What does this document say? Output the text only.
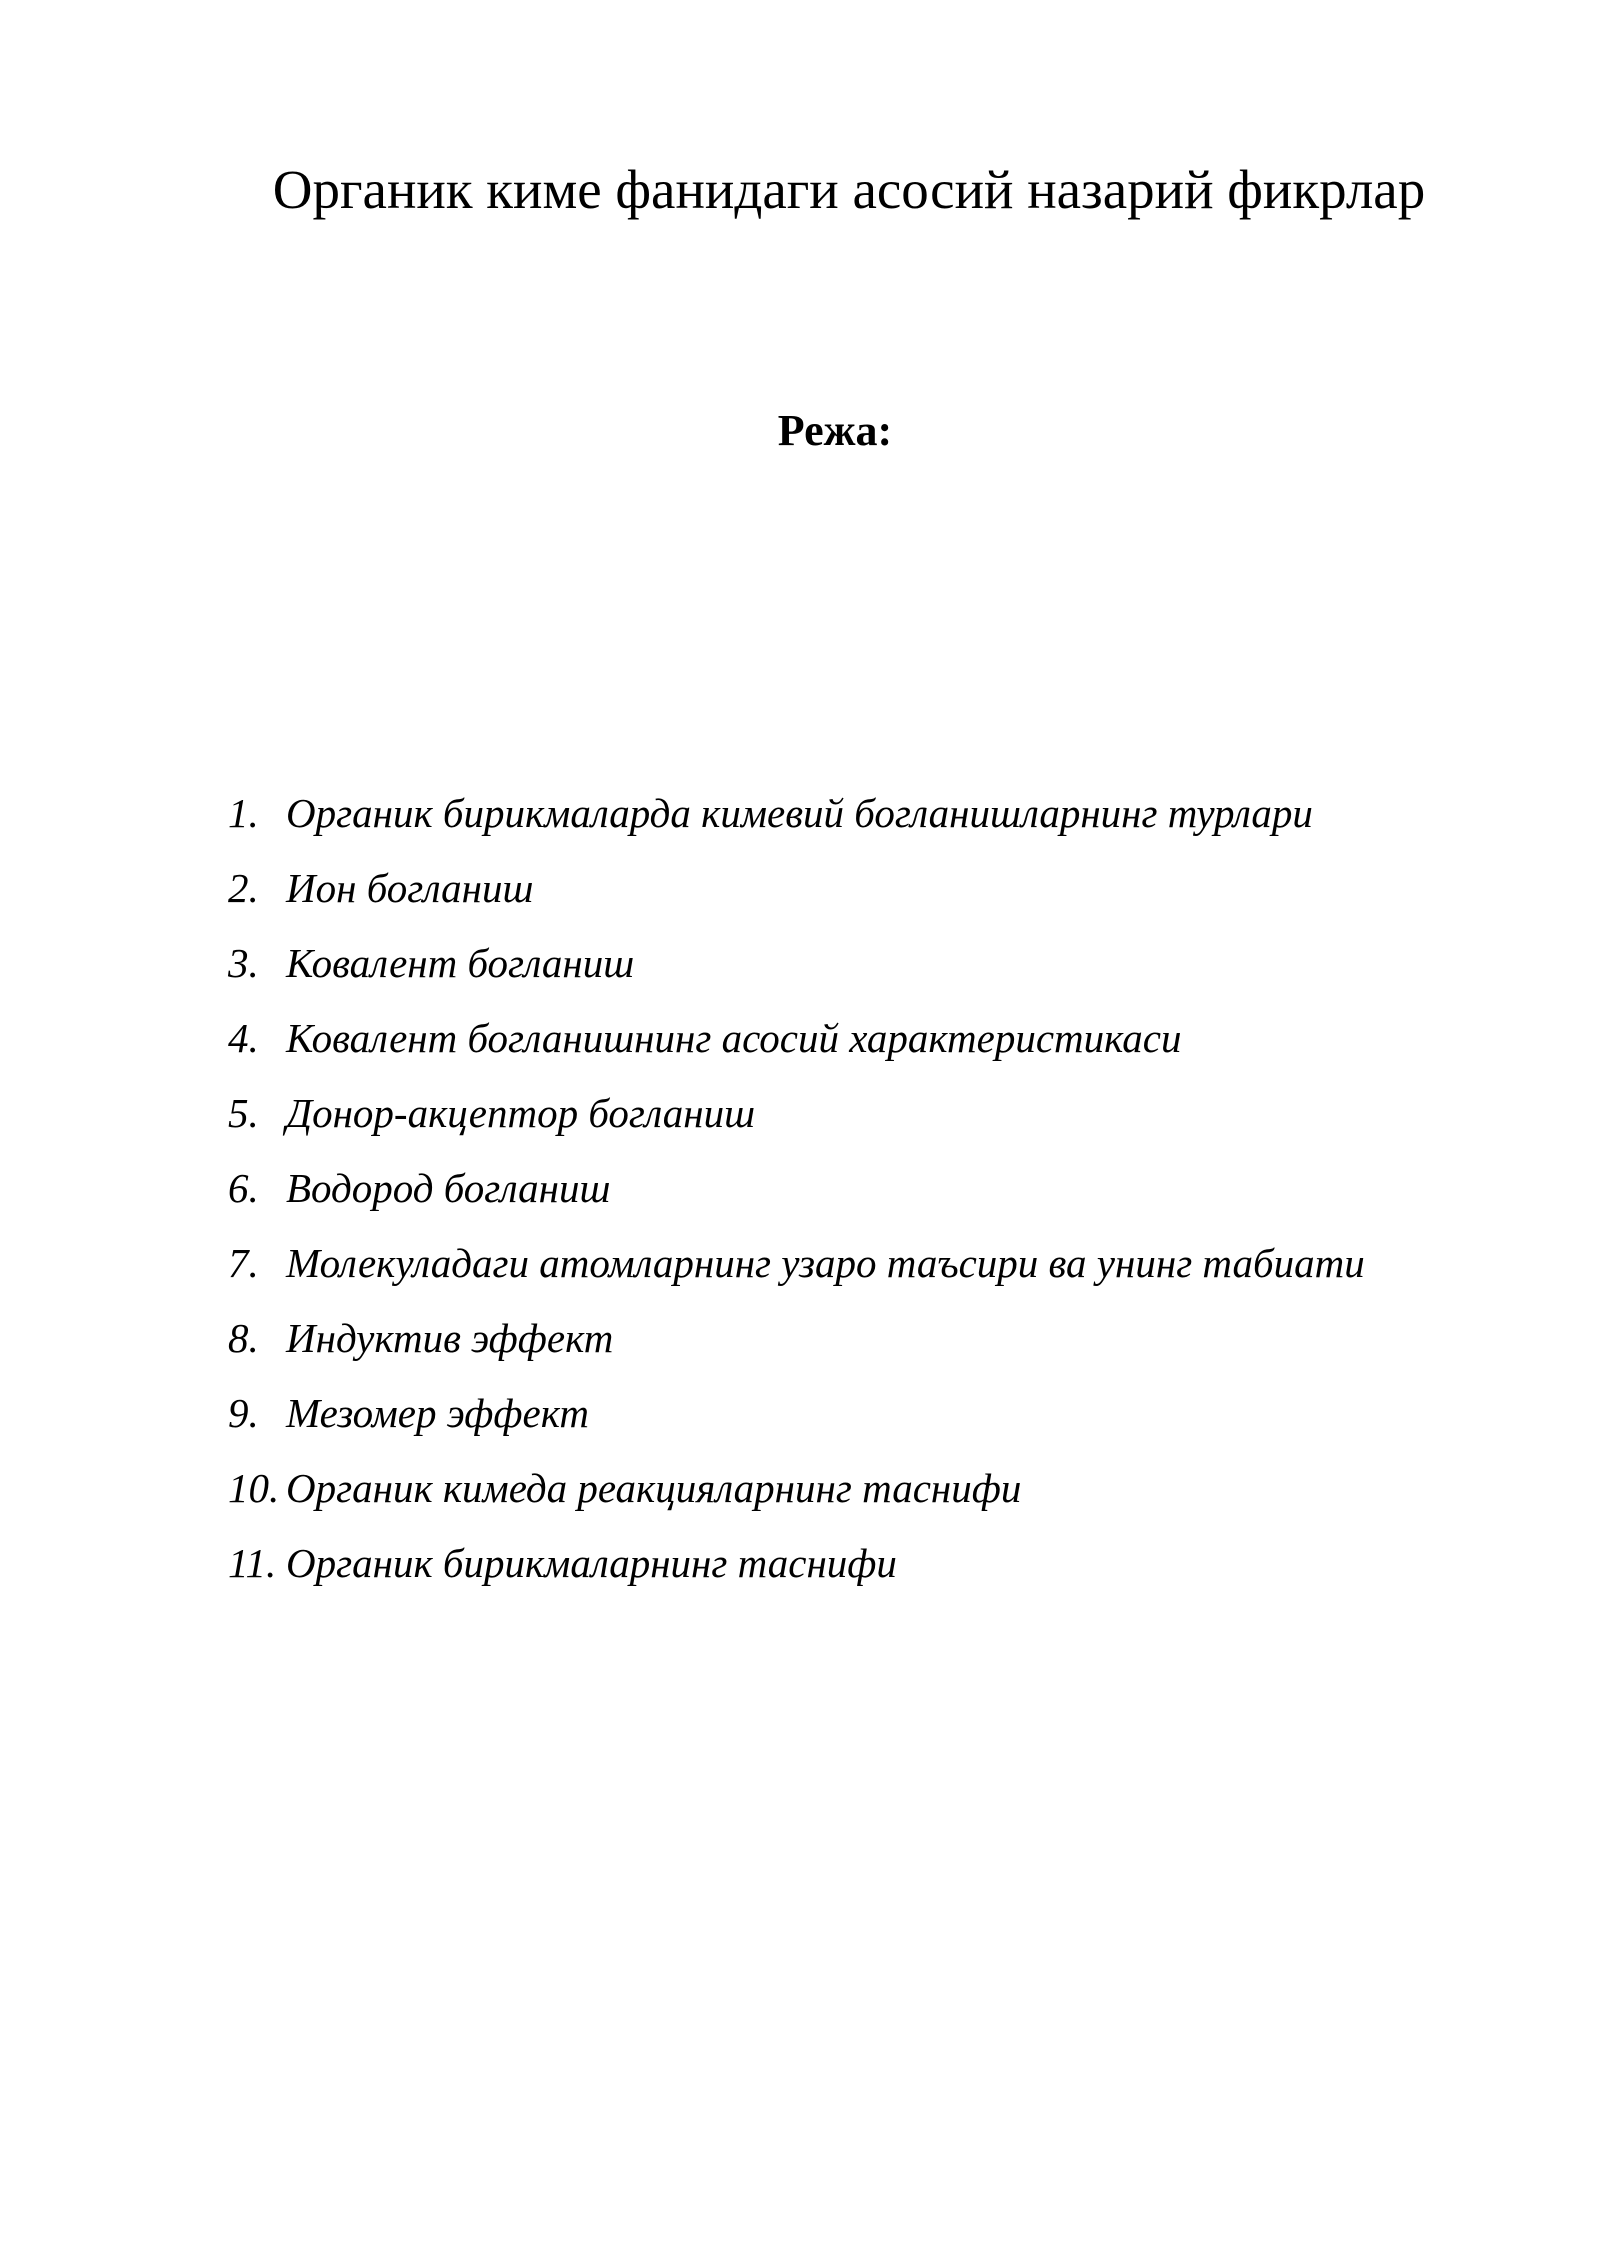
Органик киме фанидаги асосий назарий фикрлар
Режа:
1. Органик бирикмаларда кимевий богланишларнинг турлари
2. Ион богланиш
3. Ковалент богланиш
4. Ковалент богланишнинг асосий характеристикаси
5. Донор-акцептор богланиш
6. Водород богланиш
7. Молекуладаги атомларнинг узаро таъсири ва унинг табиати
8. Индуктив эффект
9. Мезомер эффект
10. Органик кимеда реакцияларнинг таснифи
11. Органик бирикмаларнинг таснифи
